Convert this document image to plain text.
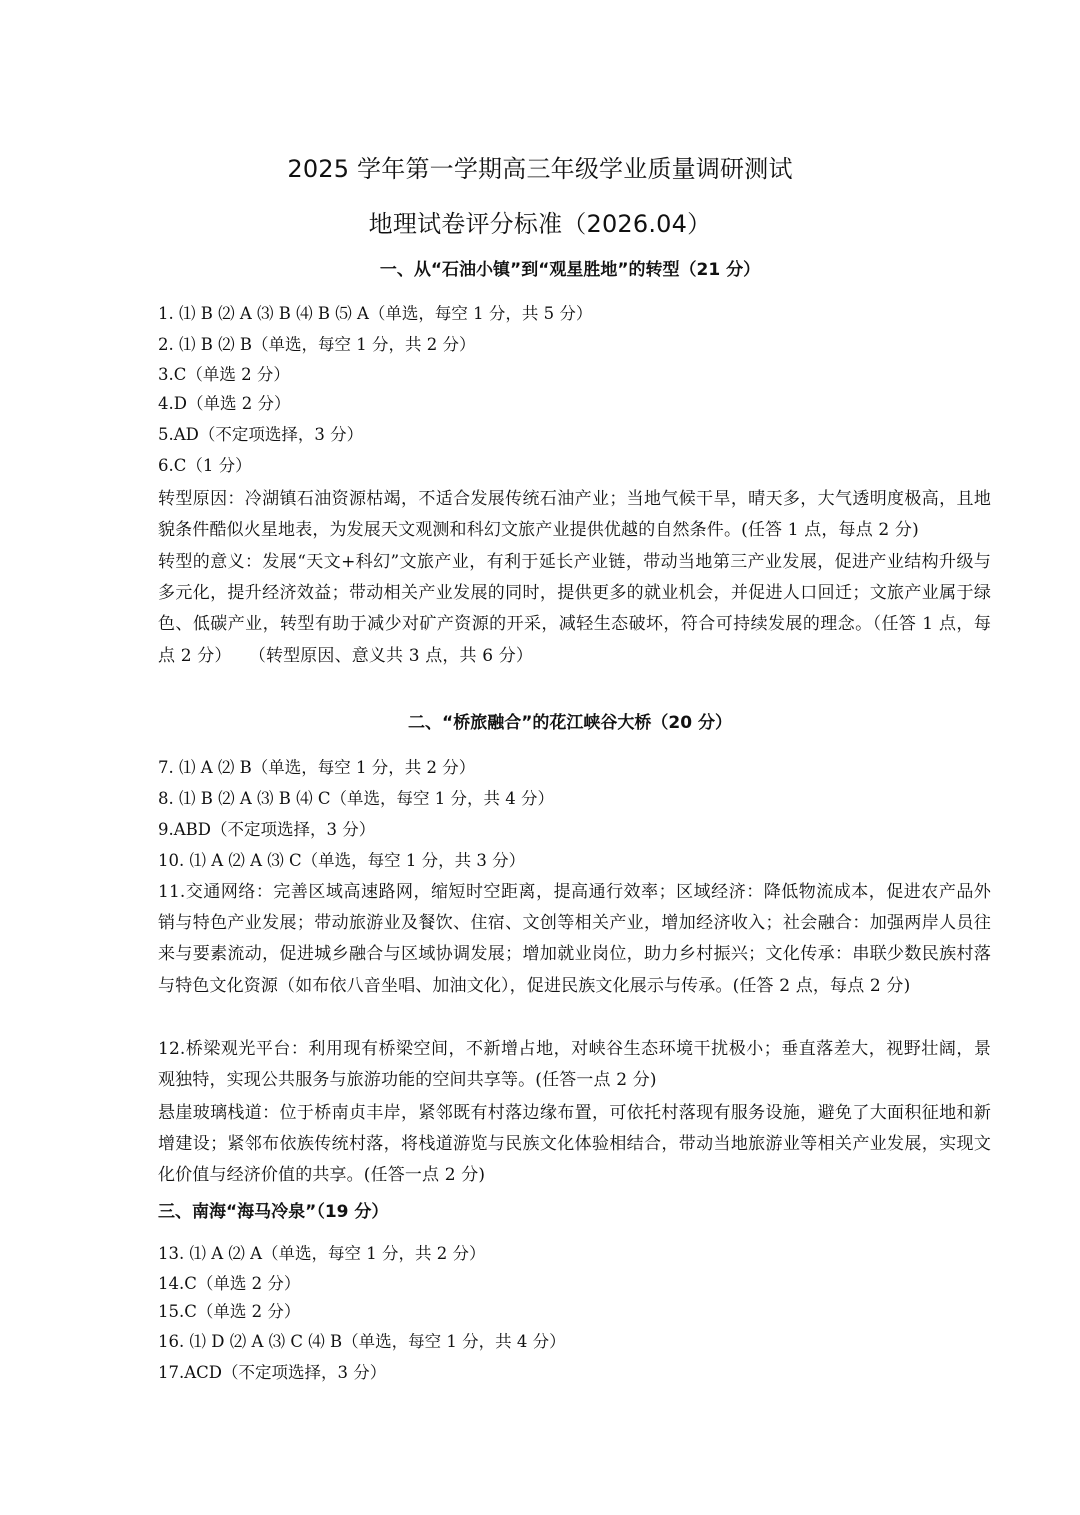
2025 学年第一学期高三年级学业质量调研测试
地理试卷评分标准（2026.04）
一、从“石油小镇”到“观星胜地”的转型（21 分）
1. ⑴ B ⑵ A ⑶ B ⑷ B ⑸ A（单选，每空 1 分，共 5 分）
2. ⑴ B ⑵ B（单选，每空 1 分，共 2 分）
3.C（单选 2 分）
4.D（单选 2 分）
5.AD（不定项选择，3 分）
6.C（1 分）
转型原因：冷湖镇石油资源枯竭，不适合发展传统石油产业；当地气候干旱，晴天多，大气透明度极高，且地貌条件酷似火星地表，为发展天文观测和科幻文旅产业提供优越的自然条件。(任答 1 点，每点 2 分)
转型的意义：发展“天文+科幻”文旅产业，有利于延长产业链，带动当地第三产业发展，促进产业结构升级与多元化，提升经济效益；带动相关产业发展的同时，提供更多的就业机会，并促进人口回迁；文旅产业属于绿色、低碳产业，转型有助于减少对矿产资源的开采，减轻生态破坏，符合可持续发展的理念。（任答 1 点，每点 2 分）　　（转型原因、意义共 3 点，共 6 分）
二、“桥旅融合”的花江峡谷大桥（20 分）
7. ⑴ A ⑵ B（单选，每空 1 分，共 2 分）
8. ⑴ B ⑵ A ⑶ B ⑷ C（单选，每空 1 分，共 4 分）
9.ABD（不定项选择，3 分）
10. ⑴ A ⑵ A ⑶ C（单选，每空 1 分，共 3 分）
11.交通网络：完善区域高速路网，缩短时空距离，提高通行效率；区域经济：降低物流成本，促进农产品外销与特色产业发展；带动旅游业及餐饮、住宿、文创等相关产业，增加经济收入；社会融合：加强两岸人员往来与要素流动，促进城乡融合与区域协调发展；增加就业岗位，助力乡村振兴；文化传承：串联少数民族村落与特色文化资源（如布依八音坐唱、加油文化），促进民族文化展示与传承。(任答 2 点，每点 2 分)
12.桥梁观光平台：利用现有桥梁空间，不新增占地，对峡谷生态环境干扰极小；垂直落差大，视野壮阔，景观独特，实现公共服务与旅游功能的空间共享等。(任答一点 2 分)
悬崖玻璃栈道：位于桥南贞丰岸，紧邻既有村落边缘布置，可依托村落现有服务设施，避免了大面积征地和新增建设；紧邻布依族传统村落，将栈道游览与民族文化体验相结合，带动当地旅游业等相关产业发展，实现文化价值与经济价值的共享。(任答一点 2 分)
三、南海“海马冷泉”（19 分）
13. ⑴ A ⑵ A（单选，每空 1 分，共 2 分）
14.C（单选 2 分）
15.C（单选 2 分）
16. ⑴ D ⑵ A ⑶ C ⑷ B（单选，每空 1 分，共 4 分）
17.ACD（不定项选择，3 分）
